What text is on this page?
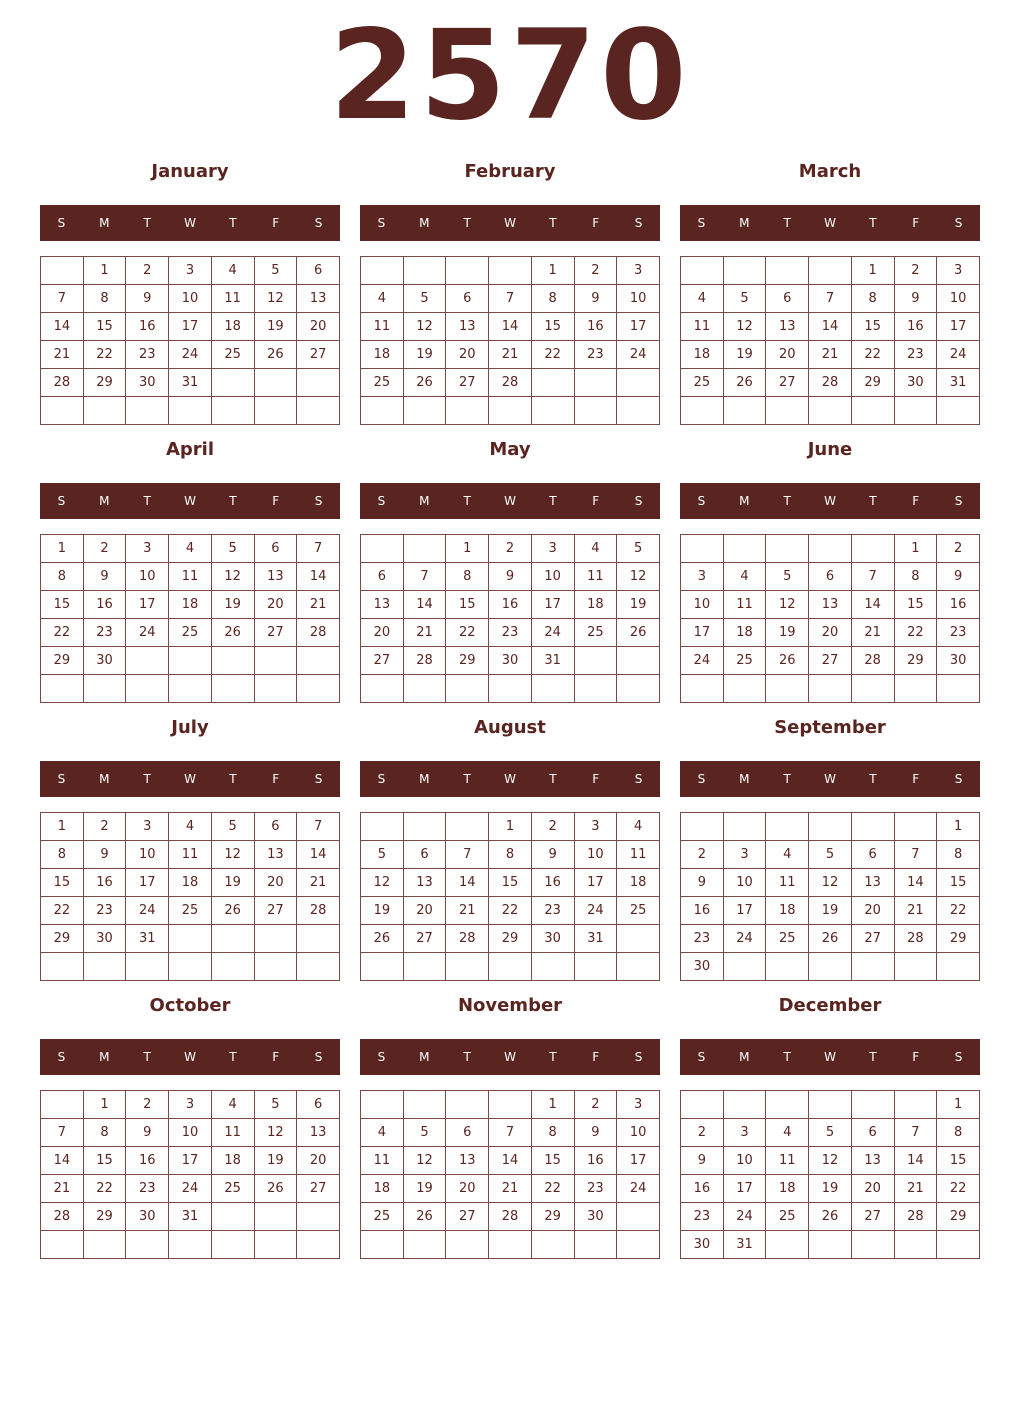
2570
January
S	M	T	W	T	F	S
	1	2	3	4	5	6
7	8	9	10	11	12	13
14	15	16	17	18	19	20
21	22	23	24	25	26	27
28	29	30	31			

February
S	M	T	W	T	F	S
				1	2	3
4	5	6	7	8	9	10
11	12	13	14	15	16	17
18	19	20	21	22	23	24
25	26	27	28			

March
S	M	T	W	T	F	S
				1	2	3
4	5	6	7	8	9	10
11	12	13	14	15	16	17
18	19	20	21	22	23	24
25	26	27	28	29	30	31

April
S	M	T	W	T	F	S
1	2	3	4	5	6	7
8	9	10	11	12	13	14
15	16	17	18	19	20	21
22	23	24	25	26	27	28
29	30					

May
S	M	T	W	T	F	S
		1	2	3	4	5
6	7	8	9	10	11	12
13	14	15	16	17	18	19
20	21	22	23	24	25	26
27	28	29	30	31		

June
S	M	T	W	T	F	S
					1	2
3	4	5	6	7	8	9
10	11	12	13	14	15	16
17	18	19	20	21	22	23
24	25	26	27	28	29	30

July
S	M	T	W	T	F	S
1	2	3	4	5	6	7
8	9	10	11	12	13	14
15	16	17	18	19	20	21
22	23	24	25	26	27	28
29	30	31				

August
S	M	T	W	T	F	S
			1	2	3	4
5	6	7	8	9	10	11
12	13	14	15	16	17	18
19	20	21	22	23	24	25
26	27	28	29	30	31	

September
S	M	T	W	T	F	S
						1
2	3	4	5	6	7	8
9	10	11	12	13	14	15
16	17	18	19	20	21	22
23	24	25	26	27	28	29
30						
October
S	M	T	W	T	F	S
	1	2	3	4	5	6
7	8	9	10	11	12	13
14	15	16	17	18	19	20
21	22	23	24	25	26	27
28	29	30	31			

November
S	M	T	W	T	F	S
				1	2	3
4	5	6	7	8	9	10
11	12	13	14	15	16	17
18	19	20	21	22	23	24
25	26	27	28	29	30	

December
S	M	T	W	T	F	S
						1
2	3	4	5	6	7	8
9	10	11	12	13	14	15
16	17	18	19	20	21	22
23	24	25	26	27	28	29
30	31					
